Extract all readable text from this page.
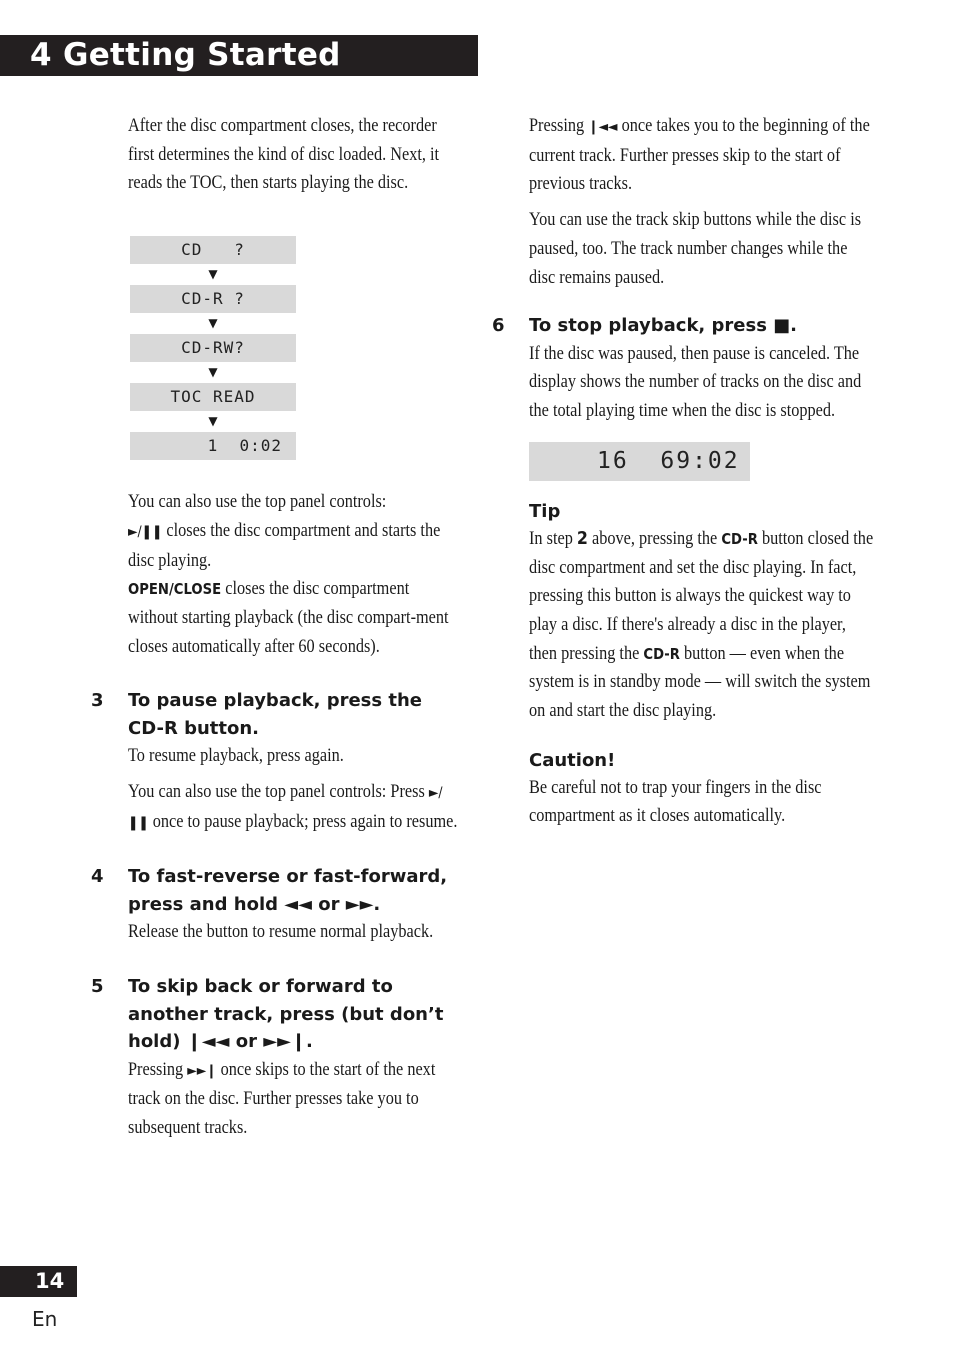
4 Getting Started

After the disc compartment closes, the recorder first determines the kind of disc loaded. Next, it reads the TOC, then starts playing the disc.

CD   ?
▼
CD-R ?
▼
CD-RW?
▼
TOC READ
▼
1  0:02

You can also use the top panel controls:
►/❚❚ closes the disc compartment and starts the disc playing.
OPEN/CLOSE closes the disc compartment without starting playback (the disc compart-ment closes automatically after 60 seconds).

3 To pause playback, press the
CD-R button.

To resume playback, press again.

You can also use the top panel controls: Press ►/❚❚ once to pause playback; press again to resume.

4 To fast-reverse or fast-forward,
press and hold ◄◄ or ►►.

Release the button to resume normal playback.

5 To skip back or forward to
another track, press (but don’t
hold) ❙◄◄ or ►►❙.

Pressing ►►❙ once skips to the start of the next track on the disc. Further presses take you to subsequent tracks.

Pressing ❙◄◄ once takes you to the beginning of the current track. Further presses skip to the start of previous tracks.

You can use the track skip buttons while the disc is paused, too. The track number changes while the disc remains paused.

6 To stop playback, press ■.

If the disc was paused, then pause is canceled. The display shows the number of tracks on the disc and the total playing time when the disc is stopped.

16  69:02

Tip

In step 2 above, pressing the CD-R button closed the disc compartment and set the disc playing. In fact, pressing this button is always the quickest way to play a disc. If there's already a disc in the player, then pressing the CD-R button — even when the system is in standby mode — will switch the system on and start the disc playing.

Caution!

Be careful not to trap your fingers in the disc compartment as it closes automatically.

14
En
